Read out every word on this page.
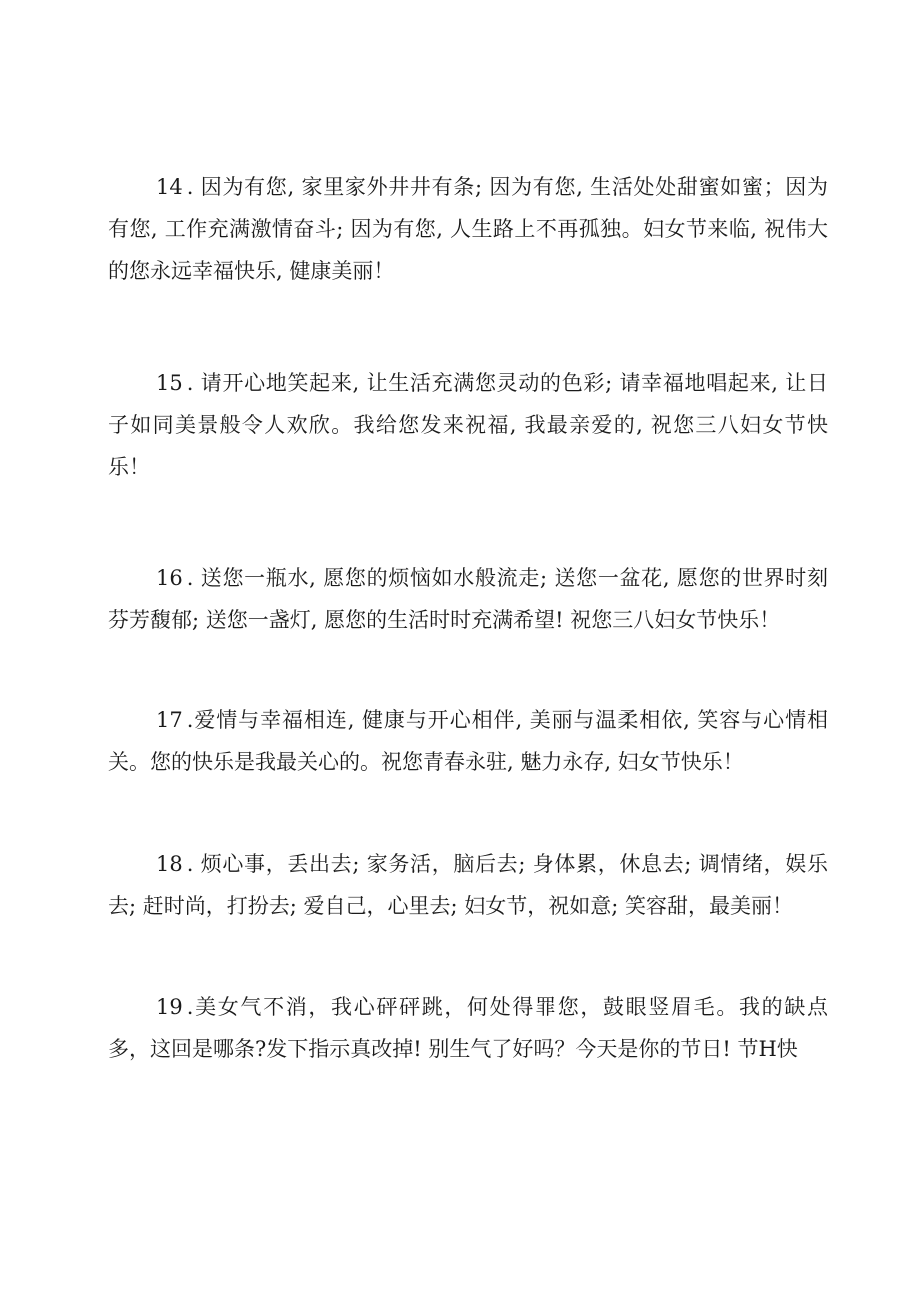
14 . 因为有您, 家里家外井井有条; 因为有您, 生活处处甜蜜如蜜；因为
有您, 工作充满激情奋斗; 因为有您, 人生路上不再孤独。妇女节来临, 祝伟大
的您永远幸福快乐, 健康美丽！
15 . 请开心地笑起来, 让生活充满您灵动的色彩; 请幸福地唱起来, 让日
子如同美景般令人欢欣。我给您发来祝福, 我最亲爱的, 祝您三八妇女节快
乐！
16 . 送您一瓶水, 愿您的烦恼如水般流走; 送您一盆花, 愿您的世界时刻
芬芳馥郁; 送您一盏灯, 愿您的生活时时充满希望! 祝您三八妇女节快乐！
17 .爱情与幸福相连, 健康与开心相伴, 美丽与温柔相依, 笑容与心情相
关。您的快乐是我最关心的。祝您青春永驻, 魅力永存, 妇女节快乐！
18 . 烦心事，丢出去; 家务活，脑后去; 身体累，休息去; 调情绪，娱乐
去; 赶时尚，打扮去; 爱自己，心里去; 妇女节，祝如意; 笑容甜，最美丽！
19 .美女气不消，我心砰砰跳，何处得罪您，鼓眼竖眉毛。我的缺点
多，这回是哪条?发下指示真改掉! 别生气了好吗？今天是你的节日! 节H快
